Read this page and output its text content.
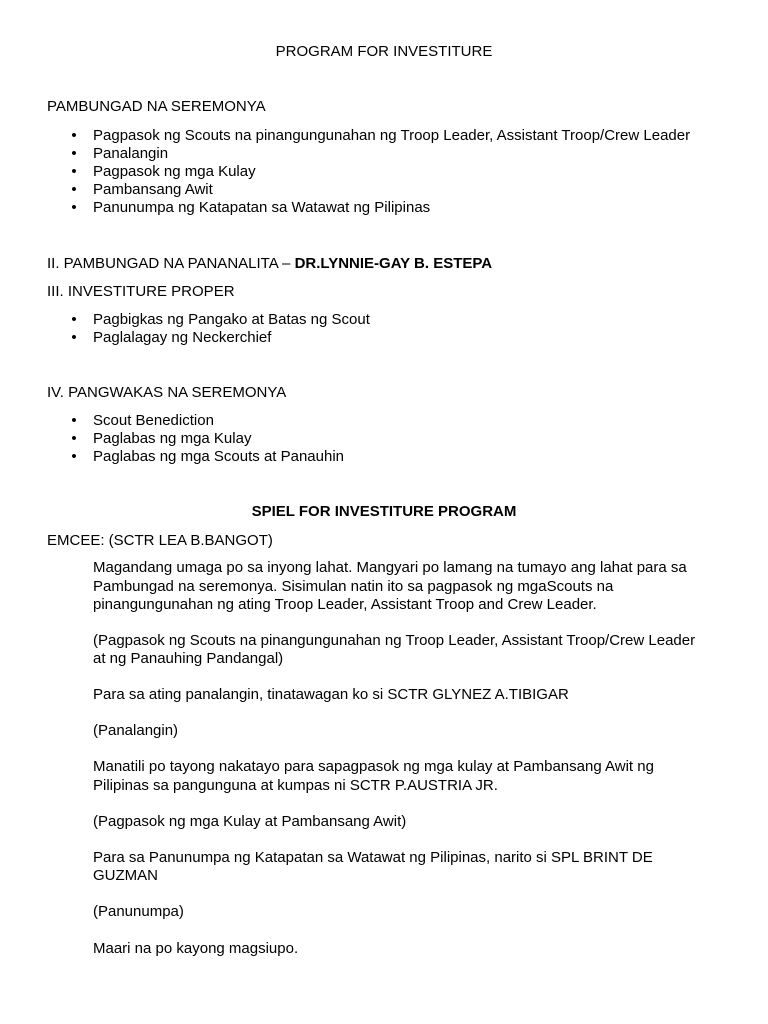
PROGRAM FOR INVESTITURE
PAMBUNGAD NA SEREMONYA
• Pagpasok ng Scouts na pinangungunahan ng Troop Leader, Assistant Troop/Crew Leader
• Panalangin
• Pagpasok ng mga Kulay
• Pambansang Awit
• Panunumpa ng Katapatan sa Watawat ng Pilipinas
II. PAMBUNGAD NA PANANALITA – DR.LYNNIE-GAY B. ESTEPA
III. INVESTITURE PROPER
• Pagbigkas ng Pangako at Batas ng Scout
• Paglalagay ng Neckerchief
IV. PANGWAKAS NA SEREMONYA
• Scout Benediction
• Paglabas ng mga Kulay
• Paglabas ng mga Scouts at Panauhin
SPIEL FOR INVESTITURE PROGRAM
EMCEE: (SCTR LEA B.BANGOT)
Magandang umaga po sa inyong lahat. Mangyari po lamang na tumayo ang lahat para sa
Pambungad na seremonya. Sisimulan natin ito sa pagpasok ng mgaScouts na
pinangungunahan ng ating Troop Leader, Assistant Troop and Crew Leader.
(Pagpasok ng Scouts na pinangungunahan ng Troop Leader, Assistant Troop/Crew Leader
at ng Panauhing Pandangal)
Para sa ating panalangin, tinatawagan ko si SCTR GLYNEZ A.TIBIGAR
(Panalangin)
Manatili po tayong nakatayo para sapagpasok ng mga kulay at Pambansang Awit ng
Pilipinas sa pangunguna at kumpas ni SCTR P.AUSTRIA JR.
(Pagpasok ng mga Kulay at Pambansang Awit)
Para sa Panunumpa ng Katapatan sa Watawat ng Pilipinas, narito si SPL BRINT DE
GUZMAN
(Panunumpa)
Maari na po kayong magsiupo.
